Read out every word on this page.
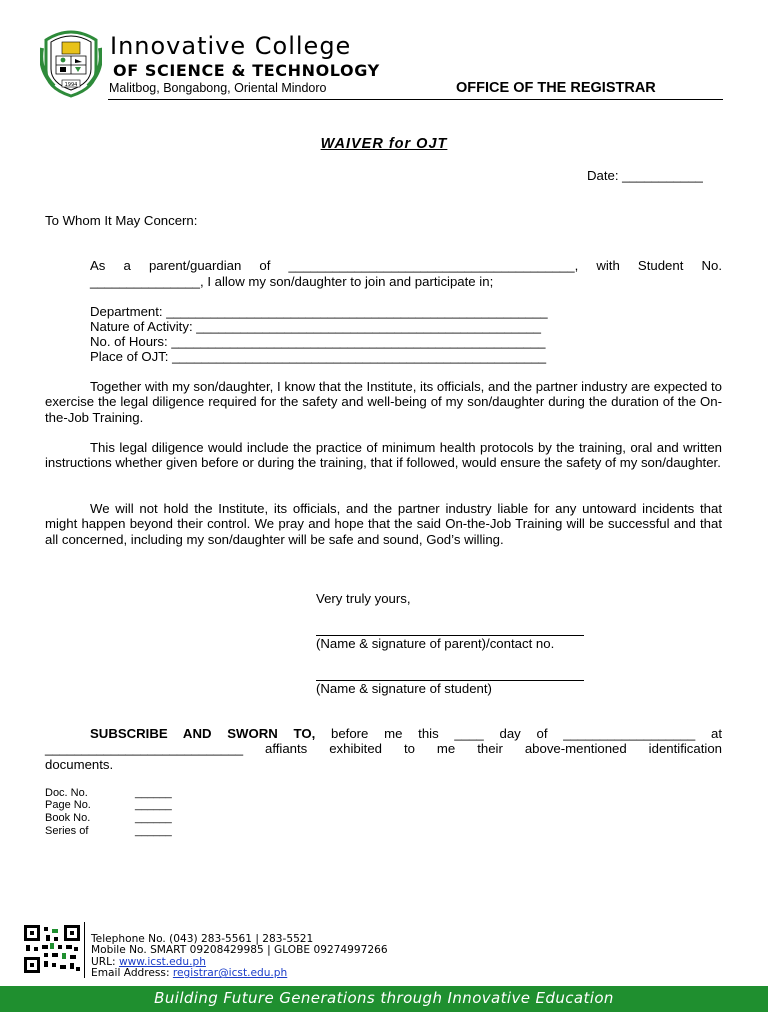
1994
Innovative College
OF SCIENCE & TECHNOLOGY
Malitbog, Bongabong, Oriental Mindoro	OFFICE OF THE REGISTRAR
WAIVER for OJT
Date: ___________
To Whom It May Concern:
As a parent/guardian of _______________________________________, with Student No.
_______________, I allow my son/daughter to join and participate in;
Department: ____________________________________________________
Nature of Activity: _______________________________________________
No. of Hours: ___________________________________________________
Place of OJT: ___________________________________________________
Together with my son/daughter, I know that the Institute, its officials, and the partner industry are expected to exercise the legal diligence required for the safety and well-being of my son/daughter during the duration of the On-the-Job Training.
This legal diligence would include the practice of minimum health protocols by the training, oral and written instructions whether given before or during the training, that if followed, would ensure the safety of my son/daughter.
We will not hold the Institute, its officials, and the partner industry liable for any untoward incidents that might happen beyond their control. We pray and hope that the said On-the-Job Training will be successful and that all concerned, including my son/daughter will be safe and sound, God’s willing.
Very truly yours,
(Name & signature of parent)/contact no.
(Name & signature of student)
SUBSCRIBE AND SWORN TO, before me this ____ day of __________________ at
___________________________ affiants exhibited to me their above-mentioned identification
documents.
Doc. No.	______
Page No.	______
Book No.	______
Series of	______
Telephone No. (043) 283-5561 | 283-5521
Mobile No. SMART 09208429985 | GLOBE 09274997266
URL: www.icst.edu.ph
Email Address: registrar@icst.edu.ph
Building Future Generations through Innovative Education
